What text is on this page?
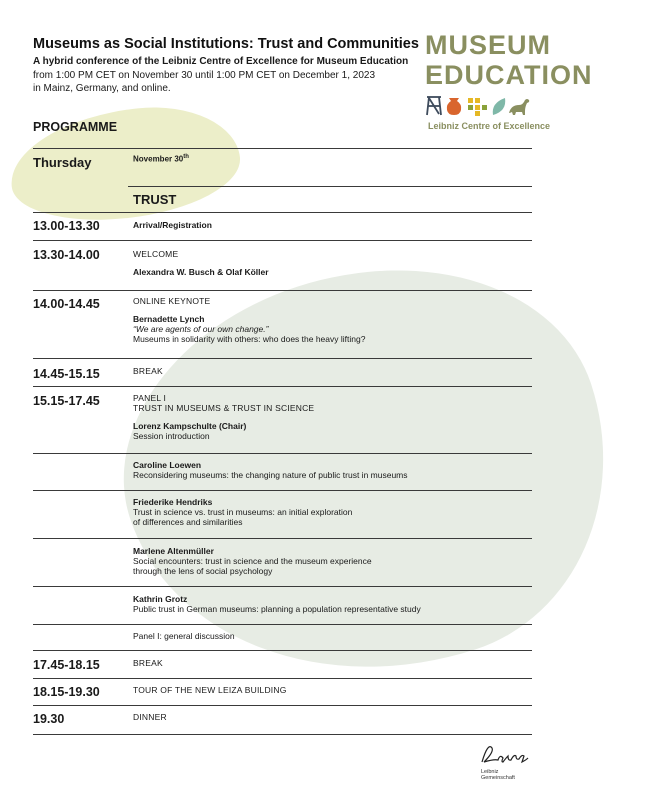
Museums as Social Institutions: Trust and Communities
A hybrid conference of the Leibniz Centre of Excellence for Museum Education
from 1:00 PM CET on November 30 until 1:00 PM CET on December 1, 2023
in Mainz, Germany, and online.
MUSEUM
EDUCATION
Leibniz Centre of Excellence
PROGRAMME
Thursday	November 30th
TRUST
13.00-13.30	Arrival/Registration
13.30-14.00	WELCOME
Alexandra W. Busch & Olaf Köller
14.00-14.45	ONLINE KEYNOTE
Bernadette Lynch
“We are agents of our own change.”
Museums in solidarity with others: who does the heavy lifting?
14.45-15.15	BREAK
15.15-17.45	PANEL I
TRUST IN MUSEUMS & TRUST IN SCIENCE
Lorenz Kampschulte (Chair)
Session introduction
Caroline Loewen
Reconsidering museums: the changing nature of public trust in museums
Friederike Hendriks
Trust in science vs. trust in museums: an initial exploration
of differences and similarities
Marlene Altenmüller
Social encounters: trust in science and the museum experience
through the lens of social psychology
Kathrin Grotz
Public trust in German museums: planning a population representative study
Panel I: general discussion
17.45-18.15	BREAK
18.15-19.30	TOUR OF THE NEW LEIZA BUILDING
19.30	DINNER
Leibniz
Gemeinschaft
